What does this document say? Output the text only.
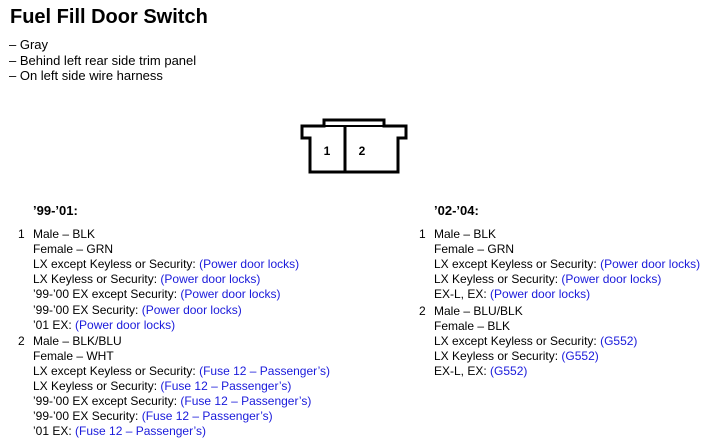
Fuel Fill Door Switch
– Gray
– Behind left rear side trim panel
– On left side wire harness
1 2
’99-’01:
1 Male – BLK
Female – GRN
LX except Keyless or Security: (Power door locks)
LX Keyless or Security: (Power door locks)
’99-’00 EX except Security: (Power door locks)
’99-’00 EX Security: (Power door locks)
’01 EX: (Power door locks)
2 Male – BLK/BLU
Female – WHT
LX except Keyless or Security: (Fuse 12 – Passenger’s)
LX Keyless or Security: (Fuse 12 – Passenger’s)
’99-’00 EX except Security: (Fuse 12 – Passenger’s)
’99-’00 EX Security: (Fuse 12 – Passenger’s)
’01 EX: (Fuse 12 – Passenger’s)
’02-’04:
1 Male – BLK
Female – GRN
LX except Keyless or Security: (Power door locks)
LX Keyless or Security: (Power door locks)
EX-L, EX: (Power door locks)
2 Male – BLU/BLK
Female – BLK
LX except Keyless or Security: (G552)
LX Keyless or Security: (G552)
EX-L, EX: (G552)
